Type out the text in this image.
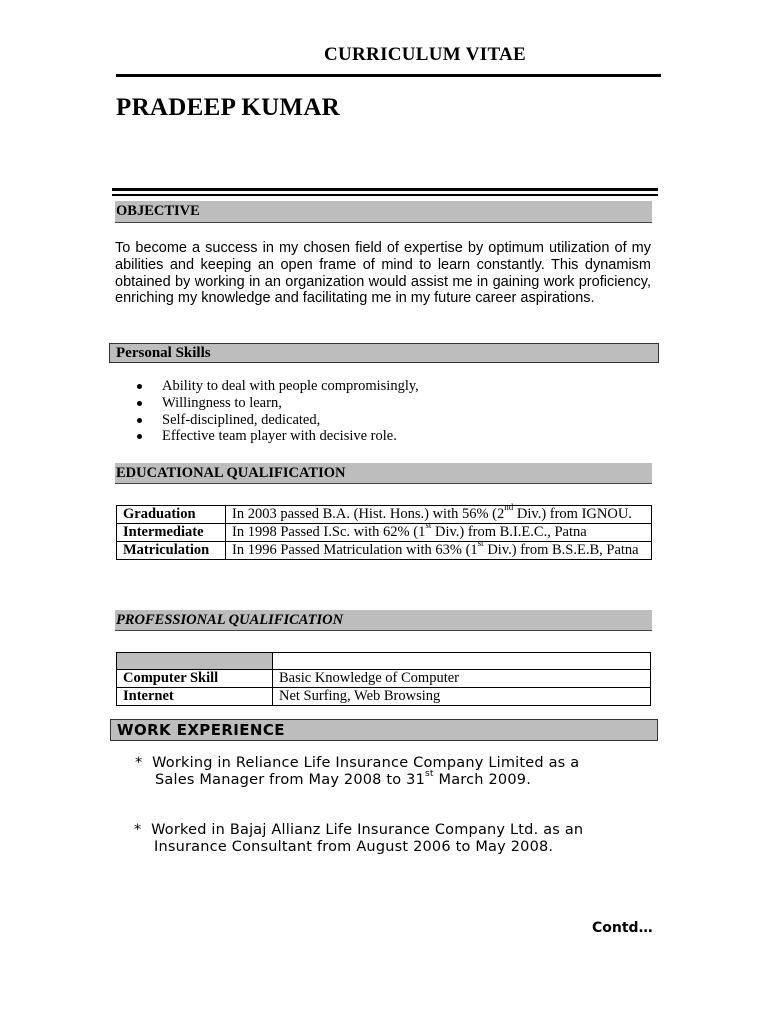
CURRICULUM VITAE
PRADEEP KUMAR
OBJECTIVE
To become a success in my chosen field of expertise by optimum utilization of my abilities and keeping an open frame of mind to learn constantly. This dynamism obtained by working in an organization would assist me in gaining work proficiency, enriching my knowledge and facilitating me in my future career aspirations.
Personal Skills
Ability to deal with people compromisingly,
Willingness to learn,
Self-disciplined, dedicated,
Effective team player with decisive role.
EDUCATIONAL QUALIFICATION
Graduation	In 2003 passed B.A. (Hist. Hons.) with 56% (2nd Div.) from IGNOU.
Intermediate	In 1998 Passed I.Sc. with 62% (1st Div.) from B.I.E.C., Patna
Matriculation	In 1996 Passed Matriculation with 63% (1st Div.) from B.S.E.B, Patna
PROFESSIONAL QUALIFICATION

Computer Skill	Basic Knowledge of Computer
Internet	Net Surfing, Web Browsing
WORK EXPERIENCE
* Working in Reliance Life Insurance Company Limited as a
Sales Manager from May 2008 to 31st March 2009.
* Worked in Bajaj Allianz Life Insurance Company Ltd. as an
Insurance Consultant from August 2006 to May 2008.
Contd…
